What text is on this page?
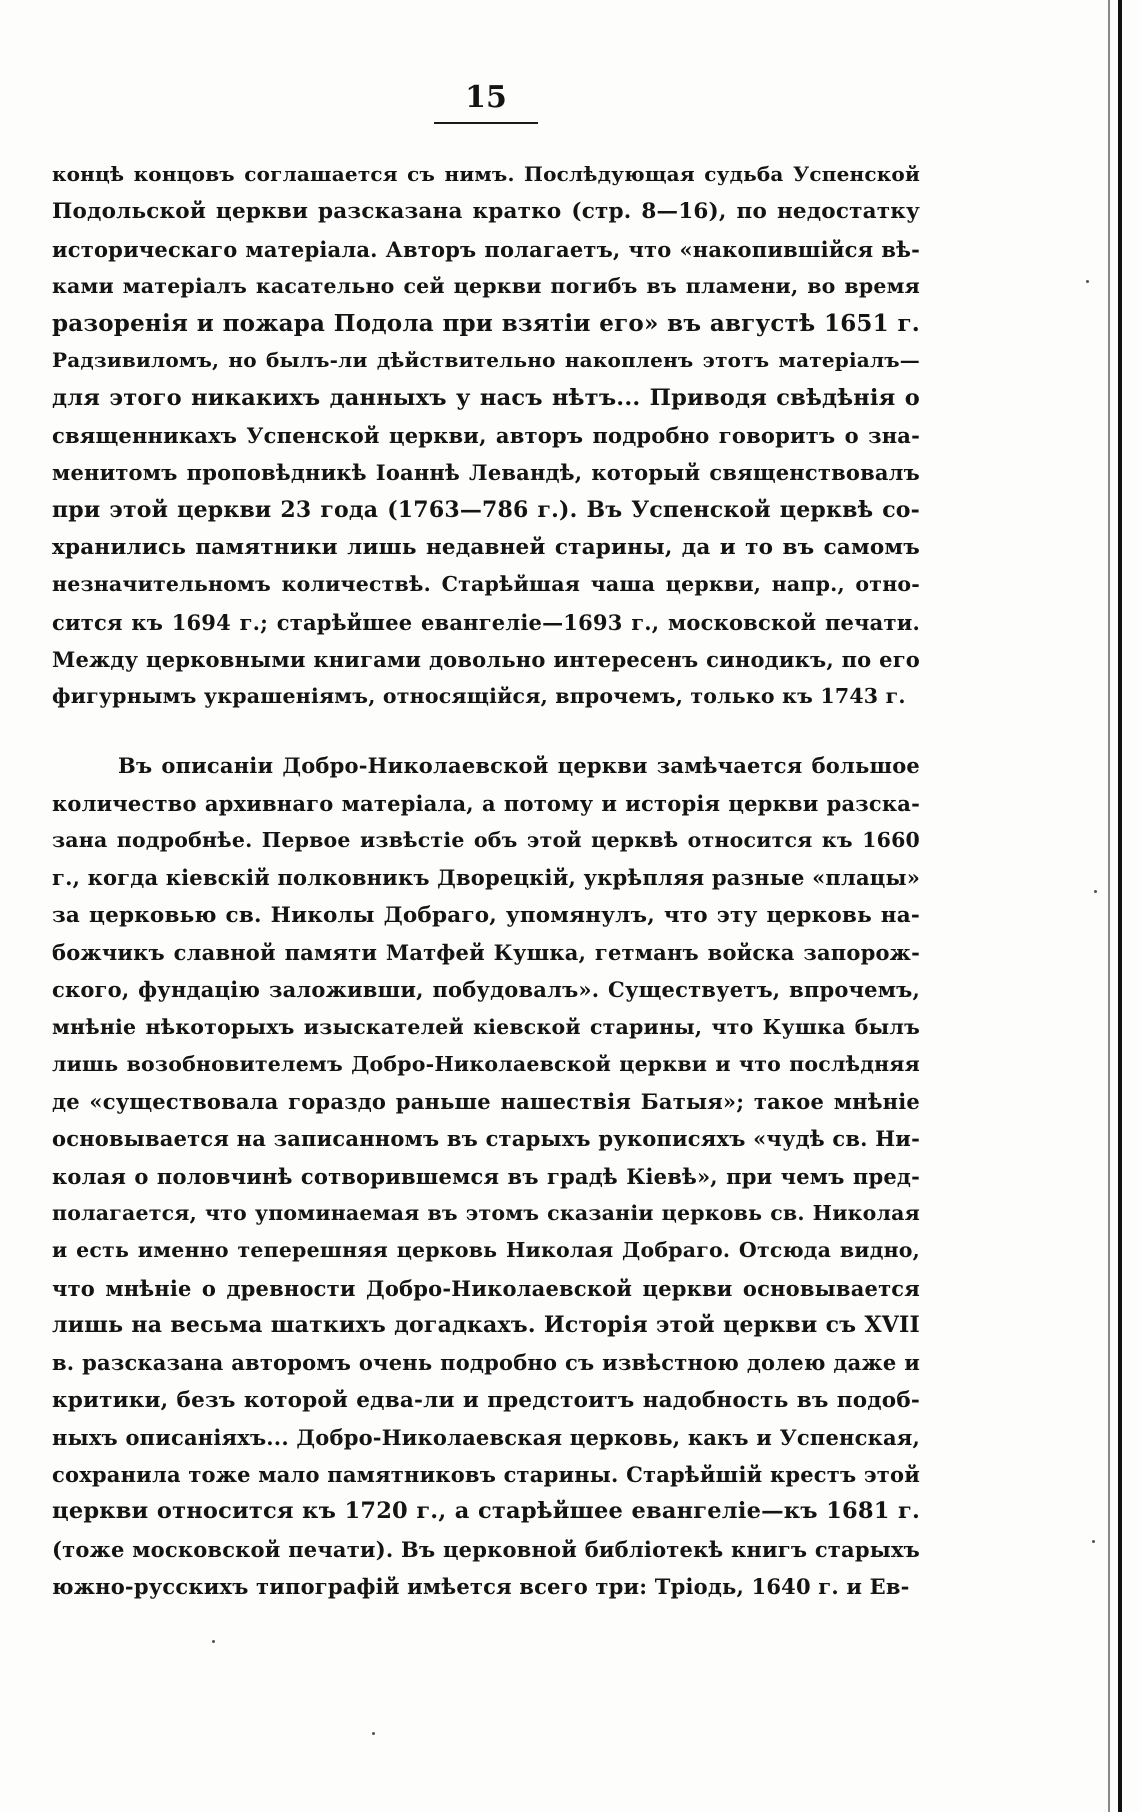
15
концѣ концовъ соглашается съ нимъ. Послѣдующая судьба Успенской
Подольской церкви разсказана кратко (стр. 8—16), по недостатку
историческаго матеріала. Авторъ полагаетъ, что «накопившійся вѣ-
ками матеріалъ касательно сей церкви погибъ въ пламени, во время
разоренія и пожара Подола при взятіи его» въ августѣ 1651 г.
Радзивиломъ, но былъ-ли дѣйствительно накопленъ этотъ матеріалъ—
для этого никакихъ данныхъ у насъ нѣтъ... Приводя свѣдѣнія о
священникахъ Успенской церкви, авторъ подробно говоритъ о зна-
менитомъ проповѣдникѣ Іоаннѣ Левандѣ, который священствовалъ
при этой церкви 23 года (1763—786 г.). Въ Успенской церквѣ со-
хранились памятники лишь недавней старины, да и то въ самомъ
незначительномъ количествѣ. Старѣйшая чаша церкви, напр., отно-
сится къ 1694 г.; старѣйшее евангеліе—1693 г., московской печати.
Между церковными книгами довольно интересенъ синодикъ, по его
фигурнымъ украшеніямъ, относящійся, впрочемъ, только къ 1743 г.
Въ описаніи Добро-Николаевской церкви замѣчается большое
количество архивнаго матеріала, а потому и исторія церкви разска-
зана подробнѣе. Первое извѣстіе объ этой церквѣ относится къ 1660
г., когда кіевскій полковникъ Дворецкій, укрѣпляя разные «плацы»
за церковью св. Николы Добраго, упомянулъ, что эту церковь на-
божчикъ славной памяти Матфей Кушка, гетманъ войска запорож-
ского, фундацію заложивши, побудовалъ». Существуетъ, впрочемъ,
мнѣніе нѣкоторыхъ изыскателей кіевской старины, что Кушка былъ
лишь возобновителемъ Добро-Николаевской церкви и что послѣдняя
де «существовала гораздо раньше нашествія Батыя»; такое мнѣніе
основывается на записанномъ въ старыхъ рукописяхъ «чудѣ св. Ни-
колая о половчинѣ сотворившемся въ градѣ Кіевѣ», при чемъ пред-
полагается, что упоминаемая въ этомъ сказаніи церковь св. Николая
и есть именно теперешняя церковь Николая Добраго. Отсюда видно,
что мнѣніе о древности Добро-Николаевской церкви основывается
лишь на весьма шаткихъ догадкахъ. Исторія этой церкви съ XVII
в. разсказана авторомъ очень подробно съ извѣстною долею даже и
критики, безъ которой едва-ли и предстоитъ надобность въ подоб-
ныхъ описаніяхъ... Добро-Николаевская церковь, какъ и Успенская,
сохранила тоже мало памятниковъ старины. Старѣйшій крестъ этой
церкви относится къ 1720 г., а старѣйшее евангеліе—къ 1681 г.
(тоже московской печати). Въ церковной библіотекѣ книгъ старыхъ
южно-русскихъ типографій имѣется всего три: Тріодь, 1640 г. и Ев-
